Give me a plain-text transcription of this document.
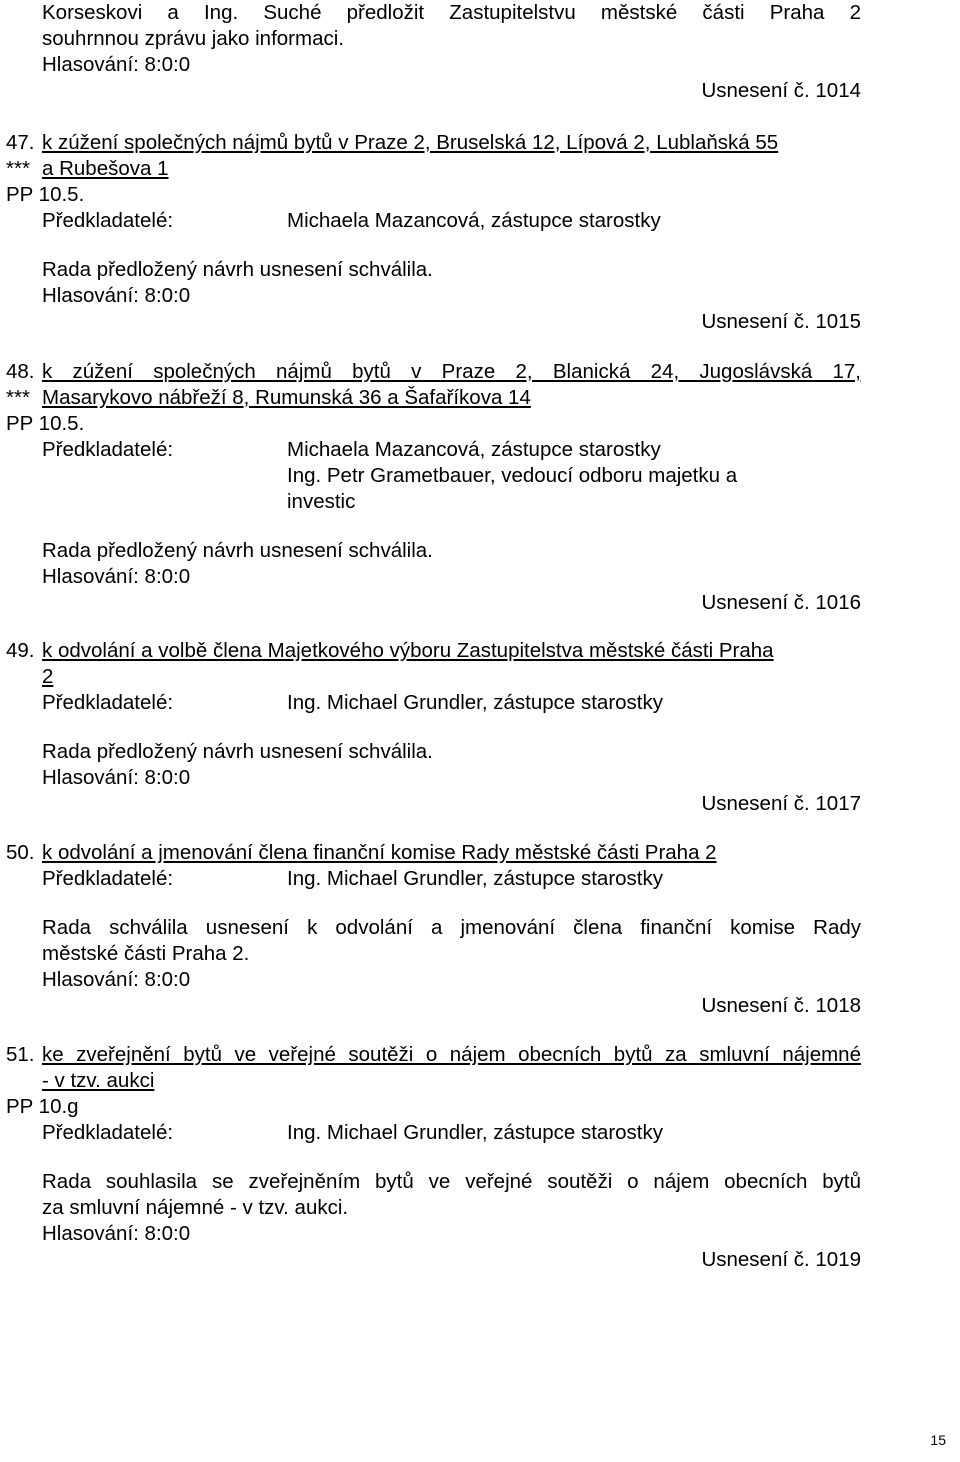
Korseskovi a Ing. Suché předložit Zastupitelstvu městské části Praha 2
souhrnnou zprávu jako informaci.
Hlasování: 8:0:0
Usnesení č. 1014
47. k zúžení společných nájmů bytů v Praze 2, Bruselská 12, Lípová 2, Lublaňská 55
*** a Rubešova 1
PP 10.5.
Předkladatelé:	Michaela Mazancová, zástupce starostky
Rada předložený návrh usnesení schválila.
Hlasování: 8:0:0
Usnesení č. 1015
48. k zúžení společných nájmů bytů v Praze 2, Blanická 24, Jugoslávská 17,
*** Masarykovo nábřeží 8, Rumunská 36 a Šafaříkova 14
PP 10.5.
Předkladatelé:	Michaela Mazancová, zástupce starostky
Ing. Petr Grametbauer, vedoucí odboru majetku a
investic
Rada předložený návrh usnesení schválila.
Hlasování: 8:0:0
Usnesení č. 1016
49. k odvolání a volbě člena Majetkového výboru Zastupitelstva městské části Praha
2
Předkladatelé:	Ing. Michael Grundler, zástupce starostky
Rada předložený návrh usnesení schválila.
Hlasování: 8:0:0
Usnesení č. 1017
50. k odvolání a jmenování člena finanční komise Rady městské části Praha 2
Předkladatelé:	Ing. Michael Grundler, zástupce starostky
Rada schválila usnesení k odvolání a jmenování člena finanční komise Rady
městské části Praha 2.
Hlasování: 8:0:0
Usnesení č. 1018
51. ke zveřejnění bytů ve veřejné soutěži o nájem obecních bytů za smluvní nájemné
- v tzv. aukci
PP 10.g
Předkladatelé:	Ing. Michael Grundler, zástupce starostky
Rada souhlasila se zveřejněním bytů ve veřejné soutěži o nájem obecních bytů
za smluvní nájemné - v tzv. aukci.
Hlasování: 8:0:0
Usnesení č. 1019
15
